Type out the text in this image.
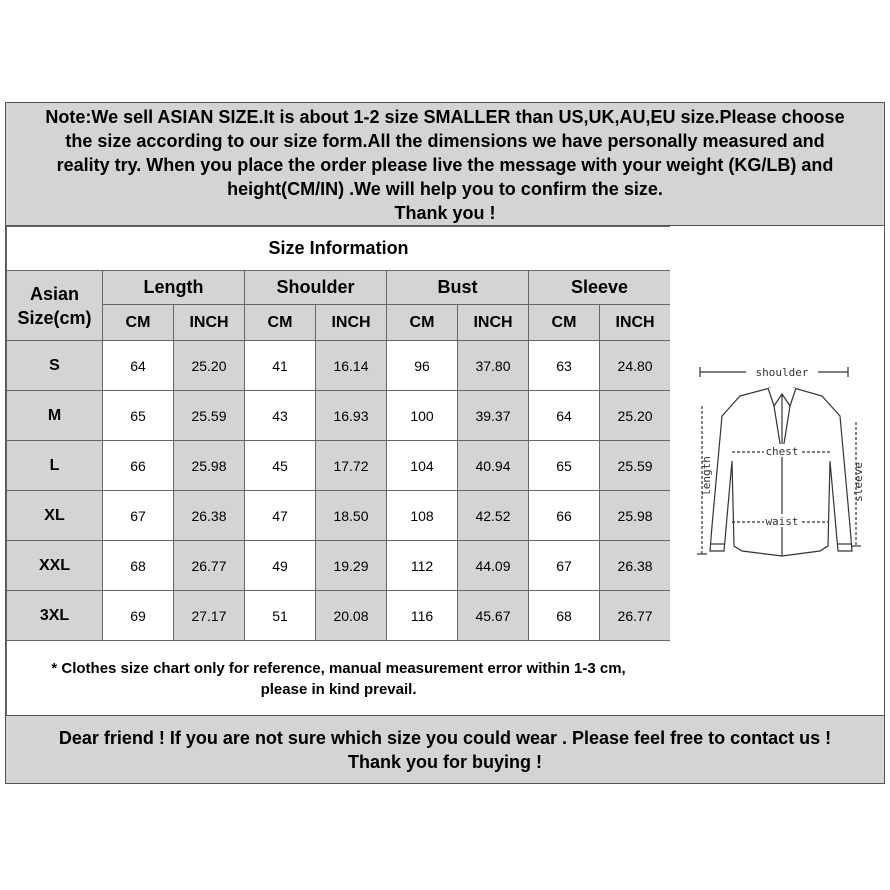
Note:We sell ASIAN SIZE.It is about 1-2 size SMALLER than US,UK,AU,EU size.Please choose
the size according to our size form.All the dimensions we have personally measured and
reality try. When you place the order please live the message with your weight (KG/LB) and
height(CM/IN) .We will help you to confirm the size.
Thank you !
Size Information								
Asian
Size(cm)	Length		Shoulder		Bust		Sleeve	
	CM	INCH	CM	INCH	CM	INCH	CM	INCH
S	64	25.20	41	16.14	96	37.80	63	24.80
M	65	25.59	43	16.93	100	39.37	64	25.20
L	66	25.98	45	17.72	104	40.94	65	25.59
XL	67	26.38	47	18.50	108	42.52	66	25.98
XXL	68	26.77	49	19.29	112	44.09	67	26.38
3XL	69	27.17	51	20.08	116	45.67	68	26.77
* Clothes size chart only for reference, manual measurement error within 1-3 cm,
please in kind prevail.								
shoulder
chest
waist
length	sleeve
Dear friend ! If you are not sure which size you could wear . Please feel free to contact us !
Thank you for buying !
